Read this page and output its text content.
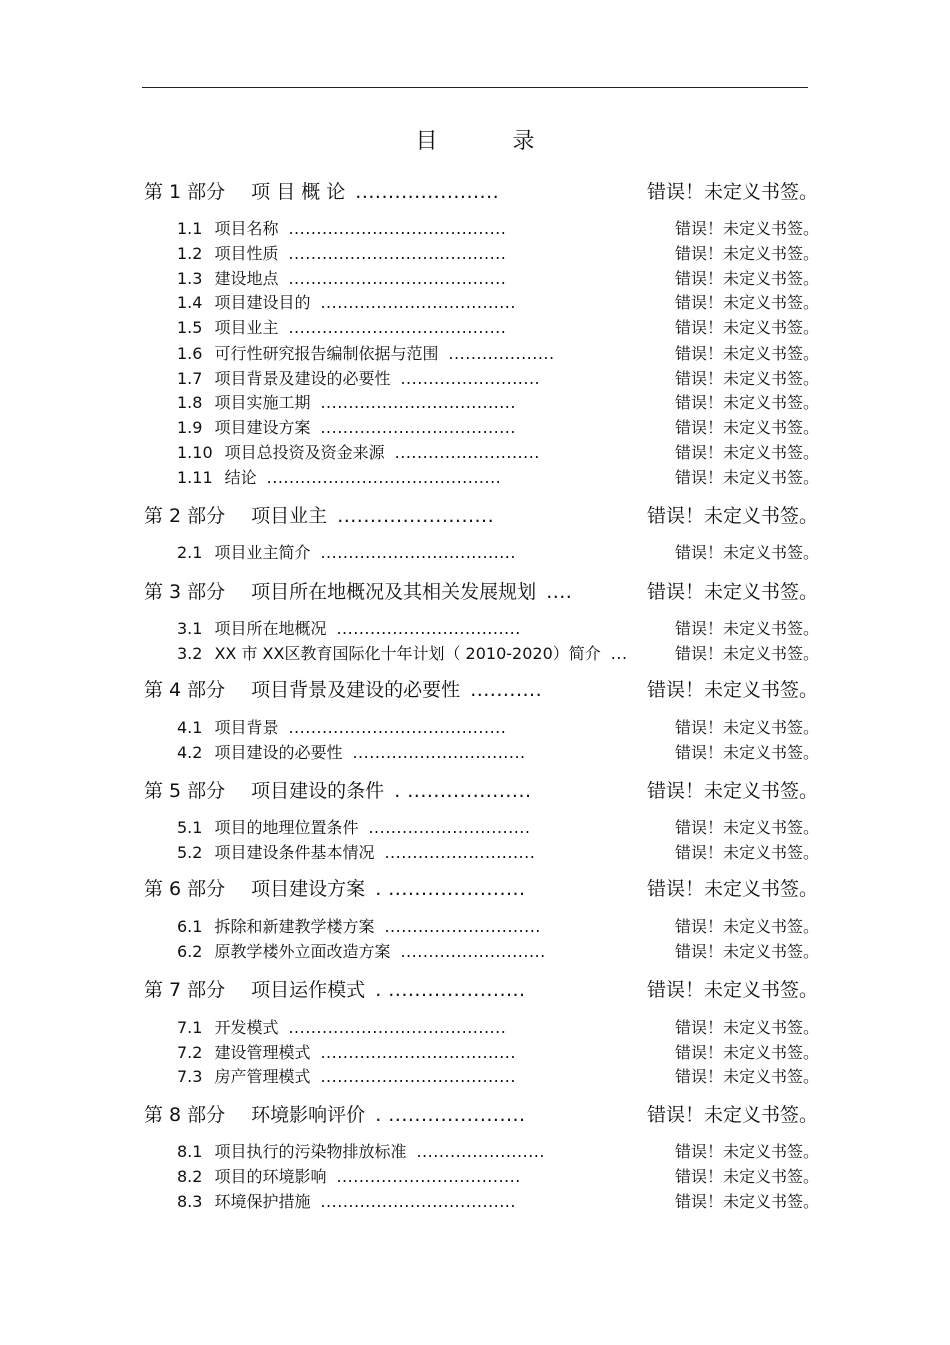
目 录
第 1 部分 项 目 概 论 ......................	错误！未定义书签。
1.1 项目名称 .......................................	错误！未定义书签。
1.2 项目性质 .......................................	错误！未定义书签。
1.3 建设地点 .......................................	错误！未定义书签。
1.4 项目建设目的 ...................................	错误！未定义书签。
1.5 项目业主 .......................................	错误！未定义书签。
1.6 可行性研究报告编制依据与范围 ...................	错误！未定义书签。
1.7 项目背景及建设的必要性 .........................	错误！未定义书签。
1.8 项目实施工期 ...................................	错误！未定义书签。
1.9 项目建设方案 ...................................	错误！未定义书签。
1.10 项目总投资及资金来源 ..........................	错误！未定义书签。
1.11 结论 ..........................................	错误！未定义书签。
第 2 部分 项目业主 ........................	错误！未定义书签。
2.1 项目业主简介 ...................................	错误！未定义书签。
第 3 部分 项目所在地概况及其相关发展规划 ....	错误！未定义书签。
3.1 项目所在地概况 .................................	错误！未定义书签。
3.2 XX 市 XX区教育国际化十年计划（ 2010-2020）简介 ...	错误！未定义书签。
第 4 部分 项目背景及建设的必要性 ...........	错误！未定义书签。
4.1 项目背景 .......................................	错误！未定义书签。
4.2 项目建设的必要性 ...............................	错误！未定义书签。
第 5 部分 项目建设的条件 . ...................	错误！未定义书签。
5.1 项目的地理位置条件 .............................	错误！未定义书签。
5.2 项目建设条件基本情况 ...........................	错误！未定义书签。
第 6 部分 项目建设方案 . .....................	错误！未定义书签。
6.1 拆除和新建教学楼方案 ............................	错误！未定义书签。
6.2 原教学楼外立面改造方案 ..........................	错误！未定义书签。
第 7 部分 项目运作模式 . .....................	错误！未定义书签。
7.1 开发模式 .......................................	错误！未定义书签。
7.2 建设管理模式 ...................................	错误！未定义书签。
7.3 房产管理模式 ...................................	错误！未定义书签。
第 8 部分 环境影响评价 . .....................	错误！未定义书签。
8.1 项目执行的污染物排放标准 .......................	错误！未定义书签。
8.2 项目的环境影响 .................................	错误！未定义书签。
8.3 环境保护措施 ...................................	错误！未定义书签。
